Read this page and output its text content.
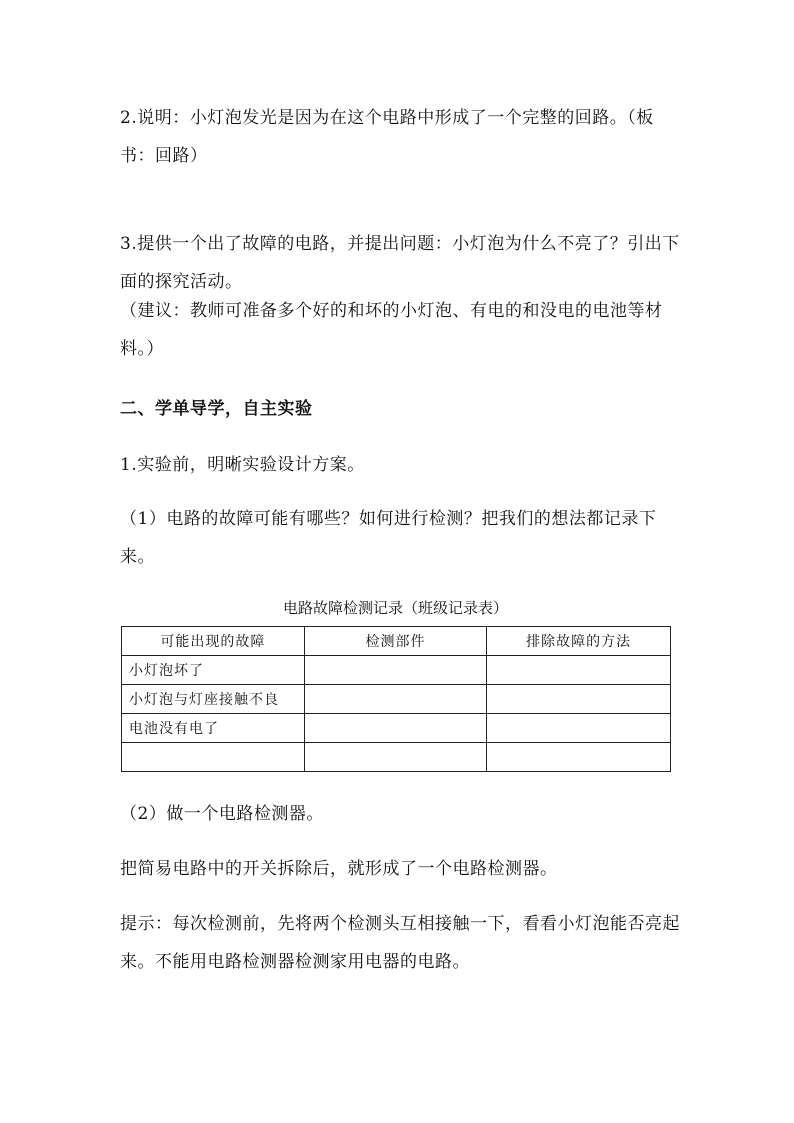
2.说明：小灯泡发光是因为在这个电路中形成了一个完整的回路。（板书：回路）

3.提供一个出了故障的电路，并提出问题：小灯泡为什么不亮了？引出下面的探究活动。

（建议：教师可准备多个好的和坏的小灯泡、有电的和没电的电池等材料。）

二、学单导学，自主实验

1.实验前，明晰实验设计方案。

（1）电路的故障可能有哪些？如何进行检测？把我们的想法都记录下来。

电路故障检测记录（班级记录表）
可能出现的故障	检测部件	排除故障的方法
小灯泡坏了		
小灯泡与灯座接触不良		
电池没有电了		

（2）做一个电路检测器。

把简易电路中的开关拆除后，就形成了一个电路检测器。

提示：每次检测前，先将两个检测头互相接触一下，看看小灯泡能否亮起来。不能用电路检测器检测家用电器的电路。
